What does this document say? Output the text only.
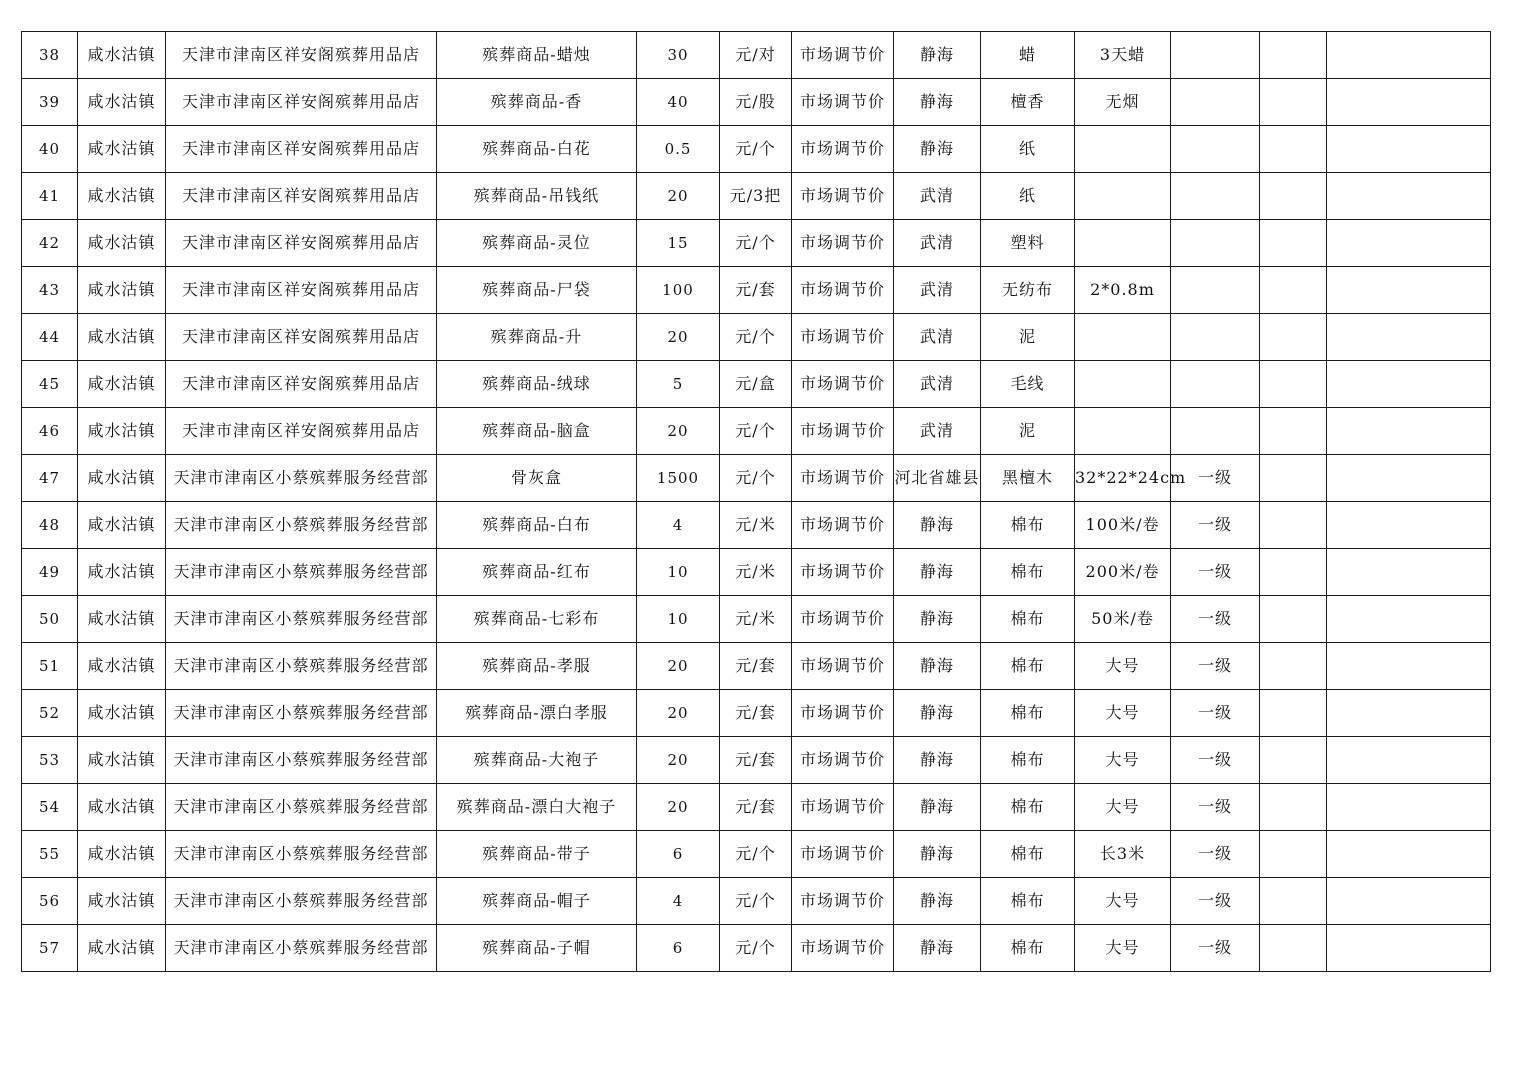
38	咸水沽镇	天津市津南区祥安阁殡葬用品店	殡葬商品-蜡烛	30	元/对	市场调节价	静海	蜡	3天蜡			
39	咸水沽镇	天津市津南区祥安阁殡葬用品店	殡葬商品-香	40	元/股	市场调节价	静海	檀香	无烟			
40	咸水沽镇	天津市津南区祥安阁殡葬用品店	殡葬商品-白花	0.5	元/个	市场调节价	静海	纸				
41	咸水沽镇	天津市津南区祥安阁殡葬用品店	殡葬商品-吊钱纸	20	元/3把	市场调节价	武清	纸				
42	咸水沽镇	天津市津南区祥安阁殡葬用品店	殡葬商品-灵位	15	元/个	市场调节价	武清	塑料				
43	咸水沽镇	天津市津南区祥安阁殡葬用品店	殡葬商品-尸袋	100	元/套	市场调节价	武清	无纺布	2*0.8m			
44	咸水沽镇	天津市津南区祥安阁殡葬用品店	殡葬商品-升	20	元/个	市场调节价	武清	泥				
45	咸水沽镇	天津市津南区祥安阁殡葬用品店	殡葬商品-绒球	5	元/盒	市场调节价	武清	毛线				
46	咸水沽镇	天津市津南区祥安阁殡葬用品店	殡葬商品-脑盒	20	元/个	市场调节价	武清	泥				
47	咸水沽镇	天津市津南区小蔡殡葬服务经营部	骨灰盒	1500	元/个	市场调节价	河北省雄县	黑檀木	32*22*24cm	一级		
48	咸水沽镇	天津市津南区小蔡殡葬服务经营部	殡葬商品-白布	4	元/米	市场调节价	静海	棉布	100米/卷	一级		
49	咸水沽镇	天津市津南区小蔡殡葬服务经营部	殡葬商品-红布	10	元/米	市场调节价	静海	棉布	200米/卷	一级		
50	咸水沽镇	天津市津南区小蔡殡葬服务经营部	殡葬商品-七彩布	10	元/米	市场调节价	静海	棉布	50米/卷	一级		
51	咸水沽镇	天津市津南区小蔡殡葬服务经营部	殡葬商品-孝服	20	元/套	市场调节价	静海	棉布	大号	一级		
52	咸水沽镇	天津市津南区小蔡殡葬服务经营部	殡葬商品-漂白孝服	20	元/套	市场调节价	静海	棉布	大号	一级		
53	咸水沽镇	天津市津南区小蔡殡葬服务经营部	殡葬商品-大袍子	20	元/套	市场调节价	静海	棉布	大号	一级		
54	咸水沽镇	天津市津南区小蔡殡葬服务经营部	殡葬商品-漂白大袍子	20	元/套	市场调节价	静海	棉布	大号	一级		
55	咸水沽镇	天津市津南区小蔡殡葬服务经营部	殡葬商品-带子	6	元/个	市场调节价	静海	棉布	长3米	一级		
56	咸水沽镇	天津市津南区小蔡殡葬服务经营部	殡葬商品-帽子	4	元/个	市场调节价	静海	棉布	大号	一级		
57	咸水沽镇	天津市津南区小蔡殡葬服务经营部	殡葬商品-子帽	6	元/个	市场调节价	静海	棉布	大号	一级		
